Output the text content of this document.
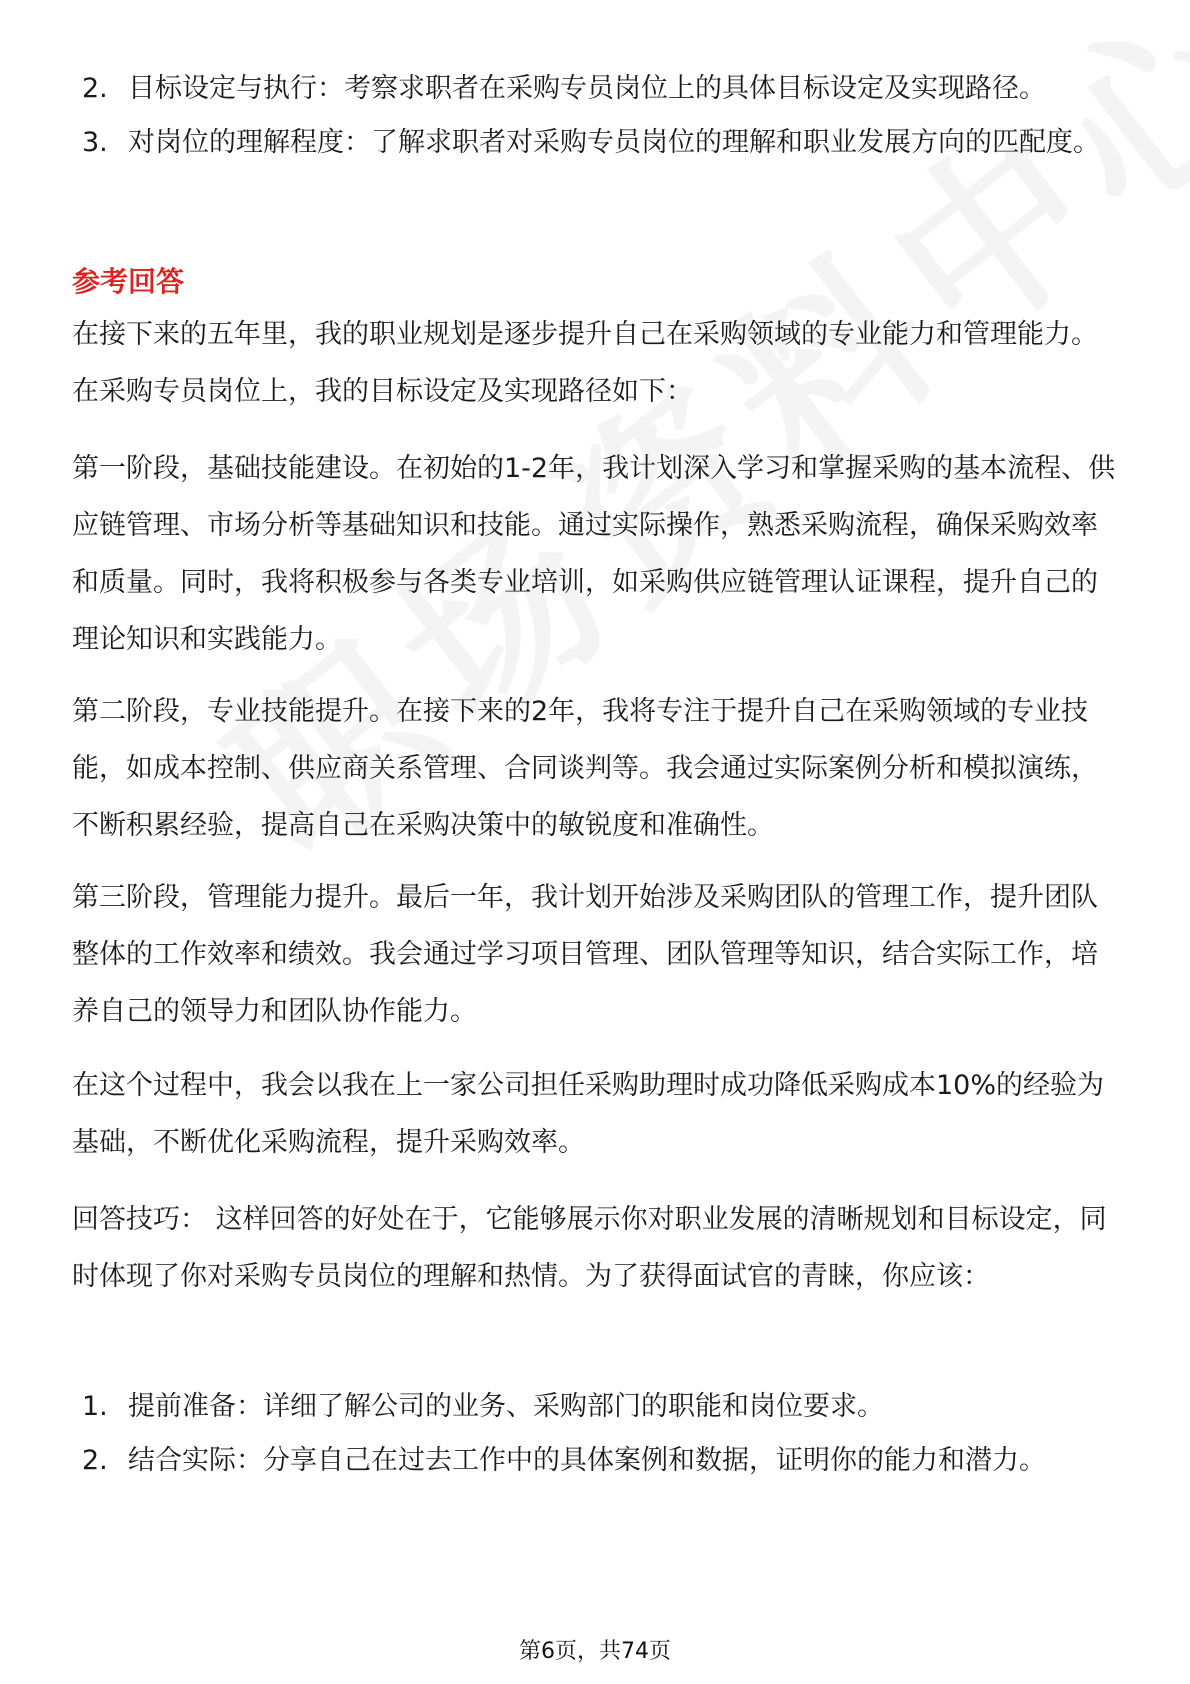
2. 目标设定与执行：考察求职者在采购专员岗位上的具体目标设定及实现路径。
3. 对岗位的理解程度：了解求职者对采购专员岗位的理解和职业发展方向的匹配度。
参考回答
在接下来的五年里，我的职业规划是逐步提升自己在采购领域的专业能力和管理能力。在采购专员岗位上，我的目标设定及实现路径如下：
第一阶段，基础技能建设。在初始的1-2年，我计划深入学习和掌握采购的基本流程、供应链管理、市场分析等基础知识和技能。通过实际操作，熟悉采购流程，确保采购效率和质量。同时，我将积极参与各类专业培训，如采购供应链管理认证课程，提升自己的理论知识和实践能力。
第二阶段，专业技能提升。在接下来的2年，我将专注于提升自己在采购领域的专业技能，如成本控制、供应商关系管理、合同谈判等。我会通过实际案例分析和模拟演练，不断积累经验，提高自己在采购决策中的敏锐度和准确性。
第三阶段，管理能力提升。最后一年，我计划开始涉及采购团队的管理工作，提升团队整体的工作效率和绩效。我会通过学习项目管理、团队管理等知识，结合实际工作，培养自己的领导力和团队协作能力。
在这个过程中，我会以我在上一家公司担任采购助理时成功降低采购成本10%的经验为基础，不断优化采购流程，提升采购效率。
回答技巧： 这样回答的好处在于，它能够展示你对职业发展的清晰规划和目标设定，同时体现了你对采购专员岗位的理解和热情。为了获得面试官的青睐，你应该：
1. 提前准备：详细了解公司的业务、采购部门的职能和岗位要求。
2. 结合实际：分享自己在过去工作中的具体案例和数据，证明你的能力和潜力。
第6页，共74页
